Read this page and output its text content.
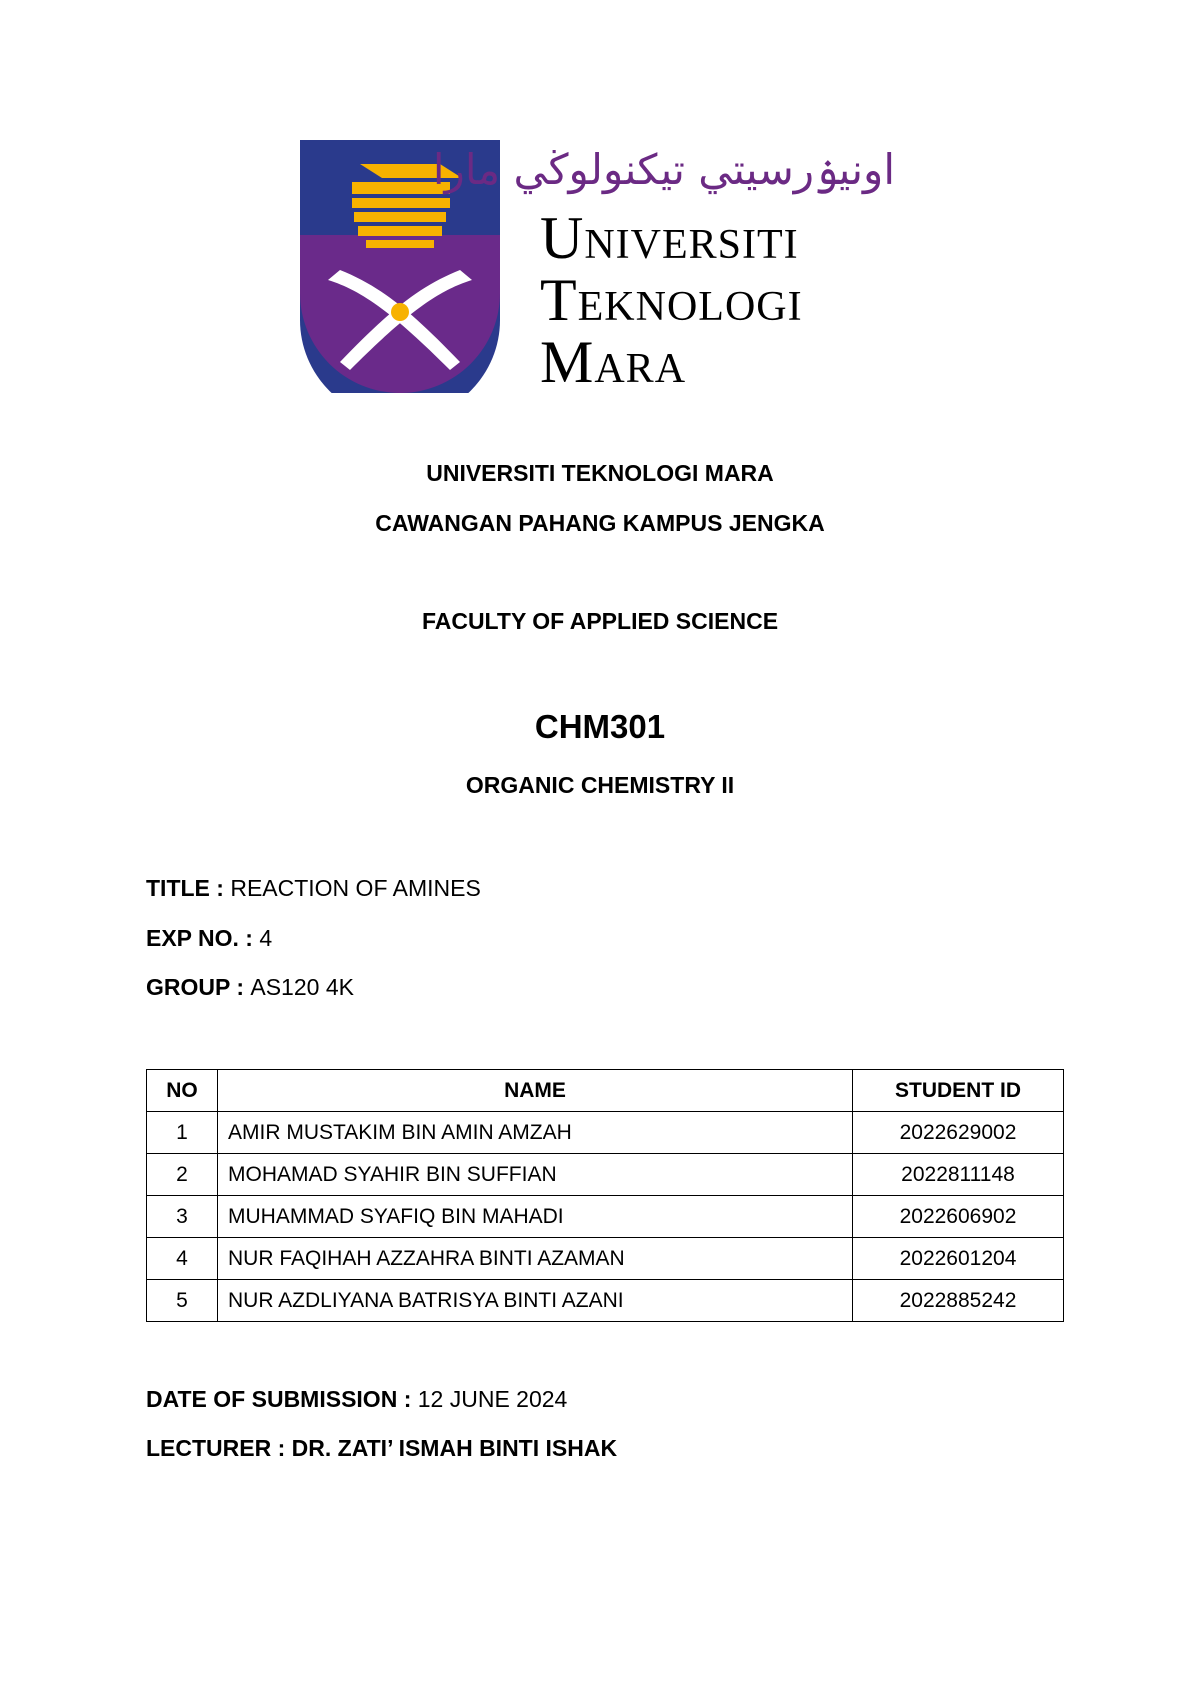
اونيۏرسيتي تيكنولوڬي مارا
Universiti
Teknologi
Mara
UNIVERSITI TEKNOLOGI MARA
CAWANGAN PAHANG KAMPUS JENGKA
FACULTY OF APPLIED SCIENCE
CHM301
ORGANIC CHEMISTRY II
TITLE : REACTION OF AMINES
EXP NO. : 4
GROUP : AS120 4K
NO	NAME	STUDENT ID
1	AMIR MUSTAKIM BIN AMIN AMZAH	2022629002
2	MOHAMAD SYAHIR BIN SUFFIAN	2022811148
3	MUHAMMAD SYAFIQ BIN MAHADI	2022606902
4	NUR FAQIHAH AZZAHRA BINTI AZAMAN	2022601204
5	NUR AZDLIYANA BATRISYA BINTI AZANI	2022885242
DATE OF SUBMISSION : 12 JUNE 2024
LECTURER : DR. ZATI’ ISMAH BINTI ISHAK
